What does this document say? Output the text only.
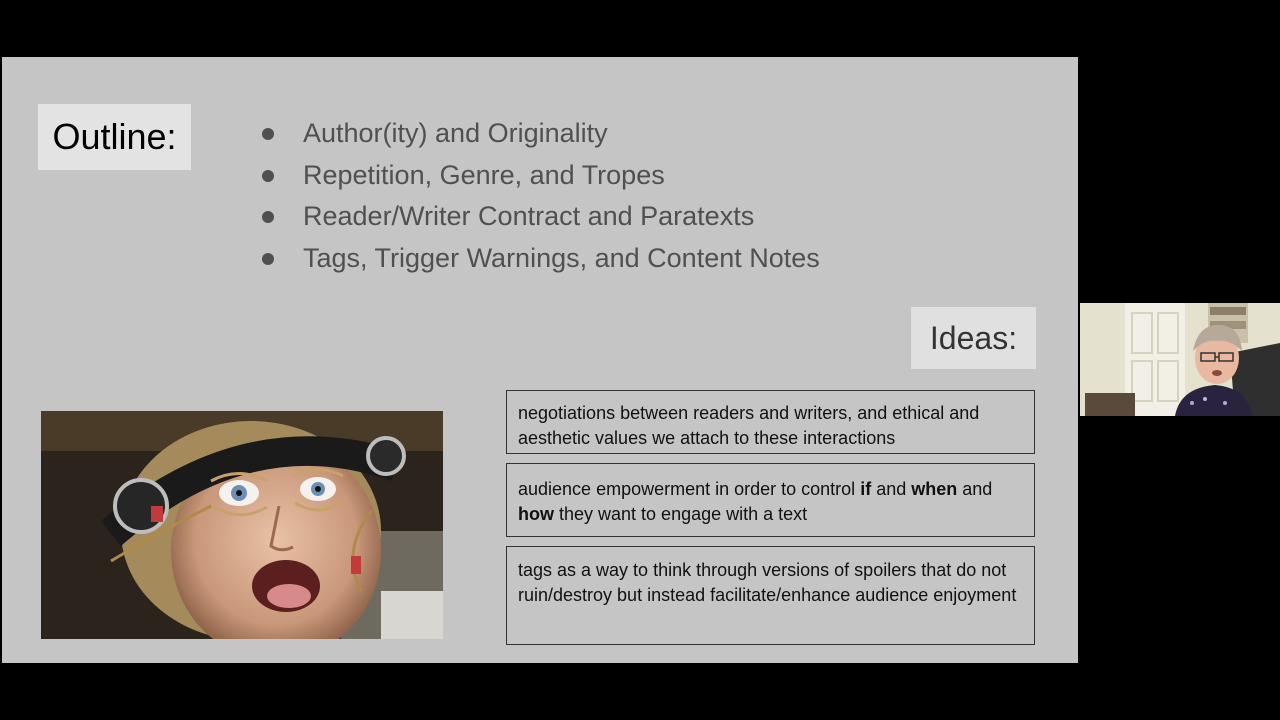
Outline:	Author(ity) and Originality
Repetition, Genre, and Tropes
Reader/Writer Contract and Paratexts
Tags, Trigger Warnings, and Content Notes
Ideas:
negotiations between readers and writers, and ethical and aesthetic values we attach to these interactions
audience empowerment in order to control if and when and how they want to engage with a text
tags as a way to think through versions of spoilers that do not ruin/destroy but instead facilitate/enhance audience enjoyment
